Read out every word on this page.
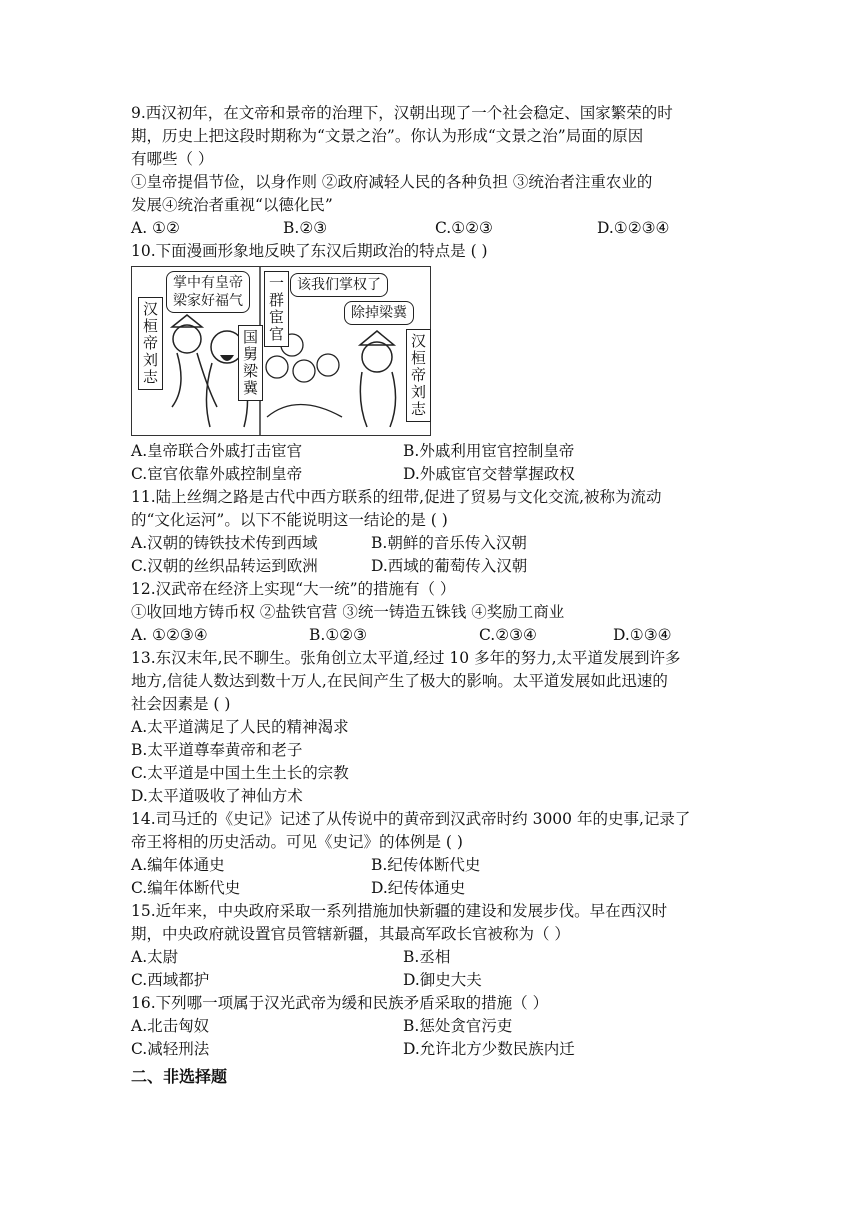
9.西汉初年，在文帝和景帝的治理下，汉朝出现了一个社会稳定、国家繁荣的时
期，历史上把这段时期称为“文景之治”。你认为形成“文景之治”局面的原因
有哪些（ ）
①皇帝提倡节俭，以身作则 ②政府减轻人民的各种负担 ③统治者注重农业的
发展④统治者重视“以德化民”
A. ①②	B.②③	C.①②③	D.①②③④
10.下面漫画形象地反映了东汉后期政治的特点是 ( )
汉桓帝刘志
掌中有皇帝
梁家好福气
国舅梁冀
一群宦官 该我们掌权了
除掉梁冀
汉桓帝刘志
A.皇帝联合外戚打击宦官	B.外戚利用宦官控制皇帝
C.宦官依靠外戚控制皇帝	D.外戚宦官交替掌握政权
11.陆上丝绸之路是古代中西方联系的纽带,促进了贸易与文化交流,被称为流动
的“文化运河”。以下不能说明这一结论的是 ( )
A.汉朝的铸铁技术传到西域	B.朝鲜的音乐传入汉朝
C.汉朝的丝织品转运到欧洲	D.西域的葡萄传入汉朝
12.汉武帝在经济上实现“大一统”的措施有（ ）
①收回地方铸币权 ②盐铁官营 ③统一铸造五铢钱 ④奖励工商业
A. ①②③④	B.①②③	C.②③④	D.①③④
13.东汉末年,民不聊生。张角创立太平道,经过 10 多年的努力,太平道发展到许多
地方,信徒人数达到数十万人,在民间产生了极大的影响。太平道发展如此迅速的
社会因素是 ( )
A.太平道满足了人民的精神渴求
B.太平道尊奉黄帝和老子
C.太平道是中国土生土长的宗教
D.太平道吸收了神仙方术
14.司马迁的《史记》记述了从传说中的黄帝到汉武帝时约 3000 年的史事,记录了
帝王将相的历史活动。可见《史记》的体例是 ( )
A.编年体通史	B.纪传体断代史
C.编年体断代史	D.纪传体通史
15.近年来，中央政府采取一系列措施加快新疆的建设和发展步伐。早在西汉时
期，中央政府就设置官员管辖新疆，其最高军政长官被称为（ ）
A.太尉	B.丞相
C.西域都护	D.御史大夫
16.下列哪一项属于汉光武帝为缓和民族矛盾采取的措施（ ）
A.北击匈奴	B.惩处贪官污吏
C.减轻刑法	D.允许北方少数民族内迁
二、非选择题
